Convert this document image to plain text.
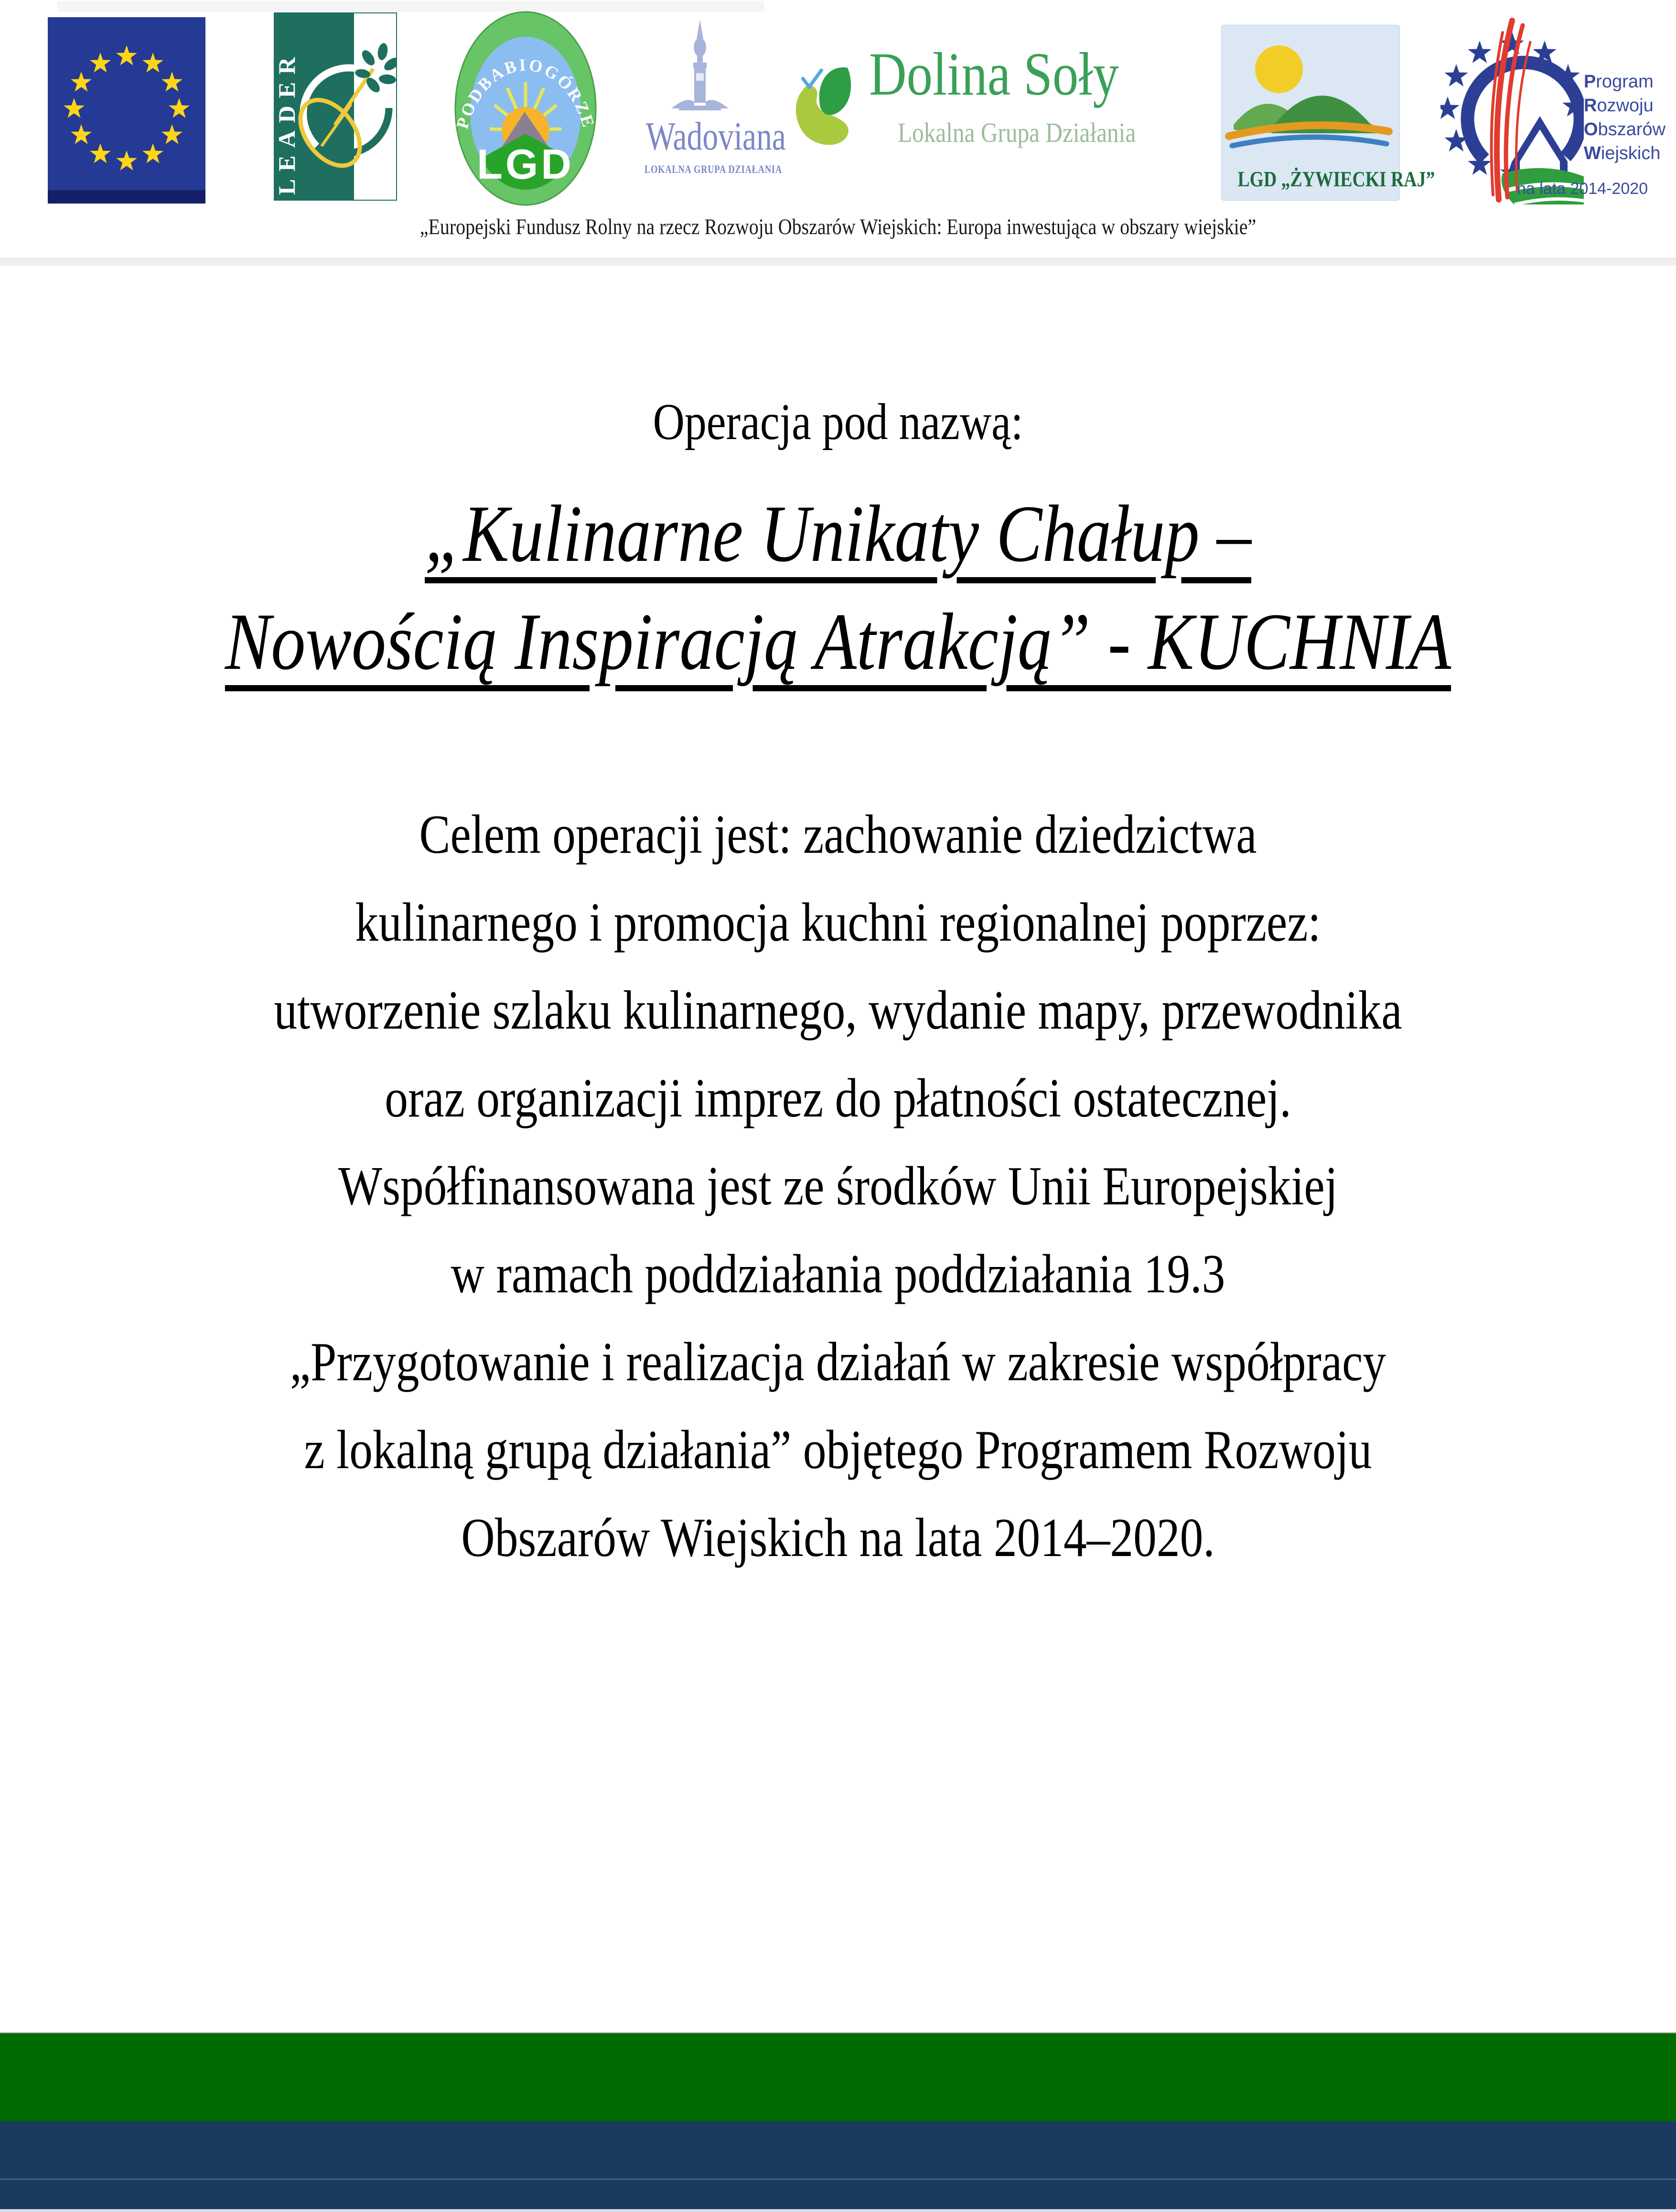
LEADER	PODBABIOGÓRZE
LGD
Wadoviana
LOKALNA GRUPA DZIAŁANIA
Dolina Soły
Lokalna Grupa Działania
LGD „ŻYWIECKI RAJ”
Program
Rozwoju
Obszarów
Wiejskich
na lata 2014-2020
„Europejski Fundusz Rolny na rzecz Rozwoju Obszarów Wiejskich: Europa inwestująca w obszary wiejskie”
Operacja pod nazwą:
„Kulinarne Unikaty Chałup –
Nowością Inspiracją Atrakcją” - KUCHNIA
Celem operacji jest: zachowanie dziedzictwa
kulinarnego i promocja kuchni regionalnej poprzez:
utworzenie szlaku kulinarnego, wydanie mapy, przewodnika
oraz organizacji imprez do płatności ostatecznej.
Współfinansowana jest ze środków Unii Europejskiej
w ramach poddziałania poddziałania 19.3
„Przygotowanie i realizacja działań w zakresie współpracy
z lokalną grupą działania” objętego Programem Rozwoju
Obszarów Wiejskich na lata 2014–2020.
